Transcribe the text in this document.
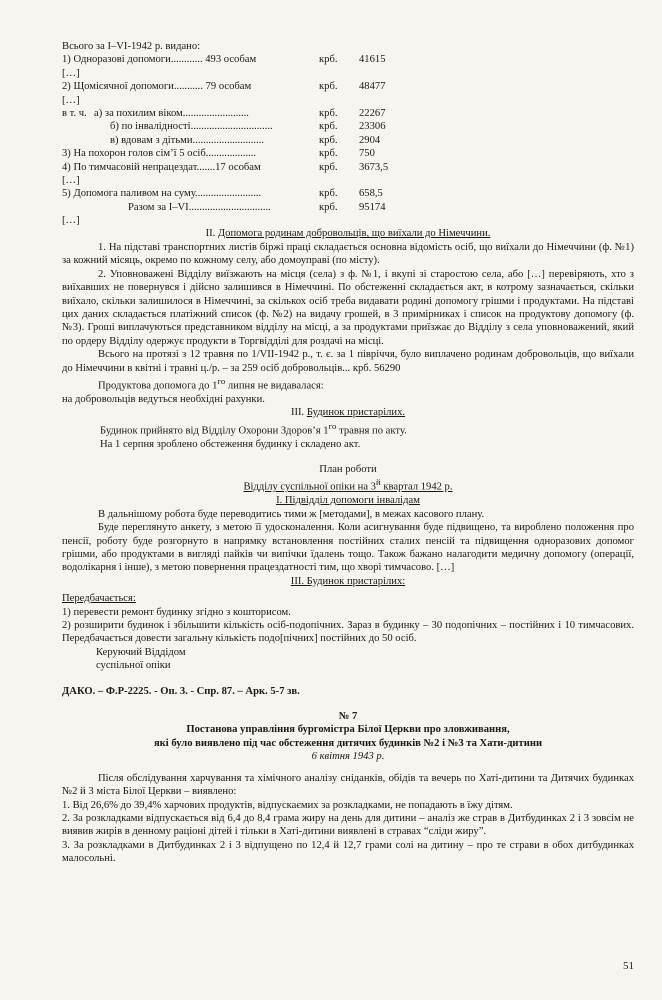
Всього за I–VI-1942 р. видано:
1) Одноразові допомоги............ 493 особам	крб. 41615
[…]
2) Щомісячної допомоги........... 79 особам	крб. 48477
[…]
в т. ч. а) за похилим віком.........................	крб. 22267
б) по інвалідності...............................	крб. 23306
в) вдовам з дітьми...........................	крб. 2904
3) На похорон голов сім’ї 5 осіб...................	крб. 750
4) По тимчасовій непрацездат.......17 особам	крб. 3673,5
[…]
5) Допомога паливом на суму.........................	крб. 658,5
Разом за I–VI...............................	крб. 95174
[…]
II. Допомога родинам добровольців, що виїхали до Німеччини.

1. На підставі транспортних листів біржі праці складається основна відомість осіб, що виїхали до Німеччини (ф. №1) за кожний місяць, окремо по кожному селу, або домоуправі (по місту).

2. Уповноважені Відділу виїзжають на місця (села) з ф. №1, і вкупі зі старостою села, або […] перевіряють, хто з виїхавших не повернувся і дійсно залишився в Німеччині. По обстеженні складається акт, в котрому зазначається, скільки виїхало, скільки залишилося в Німеччині, за скількох осіб треба видавати родині допомогу грішми і продуктами. На підставі цих даних складається платіжний список (ф. №2) на видачу грошей, в 3 примірниках і список на продуктову допомогу (ф. №3). Гроші виплачуються представником відділу на місці, а за продуктами приїзжає до Відділу з села уповноважений, який по ордеру Відділу одержує продукти в Торгвідділі для роздачі на місці.

Всього на протязі з 12 травня по 1/VII-1942 р., т. є. за 1 півріччя, було виплачено родинам добровольців, що виїхали до Німеччини в квітні і травні ц./р. – за 259 осіб добровольців... крб. 56290

Продуктова допомога до $1^{го}$ липня не видавалася:
на добровольців ведуться необхідні рахунки.
III. Будинок пристарілих.
Будинок прийнято від Відділу Охорони Здоров’я $1^{го}$ травня по акту.
На 1 серпня зроблено обстеження будинку і складено акт.
План роботи
Відділу суспільної опіки на $3^й$ квартал 1942 р.
I. Підвідділ допомоги інвалідам

В дальнішому робота буде переводитись тими ж [методами], в межах касового плану.

Буде переглянуто анкету, з метою її удосконалення. Коли асигнування буде підвищено, та вироблено положення про пенсії, роботу буде розгорнуто в напрямку встановлення постійних сталих пенсій та підвищення одноразових допомог грішми, або продуктами в вигляді пайків чи випічки їдалень тощо. Також бажано налагодити медичну допомогу (операції, водолікарня і інше), з метою повернення працездатності тим, що хворі тимчасово. […]

III. Будинок пристарілих:
Передбачається:
1) перевести ремонт будинку згідно з кошторисом.

2) розширити будинок і збільшити кількість осіб-подопічних. Зараз в будинку – 30 подопічних – постійних і 10 тимчасових. Передбачається довести загальну кількість подо[пічних] постійних до 50 осіб.

Керуючий Віддідом
суспільної опіки
ДАКО. – Ф.Р-2225. - Оп. 3. - Спр. 87. – Арк. 5-7 зв.
№ 7
Постанова управління бургомістра Білої Церкви про зловживання,
які було виявлено під час обстеження дитячих будинків №2 і №3 та Хати-дитини
6 квітня 1943 р.

Після обслідування харчування та хімічного аналізу сніданків, обідів та вечерь по Хаті-дитини та Дитячих будинках №2 й 3 міста Білої Церкви – виявлено:

1. Від 26,6% до 39,4% харчових продуктів, відпускаємих за розкладками, не попадають в їжу дітям.

2. За розкладками відпускається від 6,4 до 8,4 грама жиру на день для дитини – аналіз же страв в Дитбудинках 2 і 3 зовсім не виявив жирів в денному раціоні дітей і тільки в Хаті-дитини виявлені в стравах “сліди жиру”.

3. За розкладками в Дитбудинках 2 і 3 відпущено по 12,4 й 12,7 грами солі на дитину – про те страви в обох дитбудинках малосольні.

51
